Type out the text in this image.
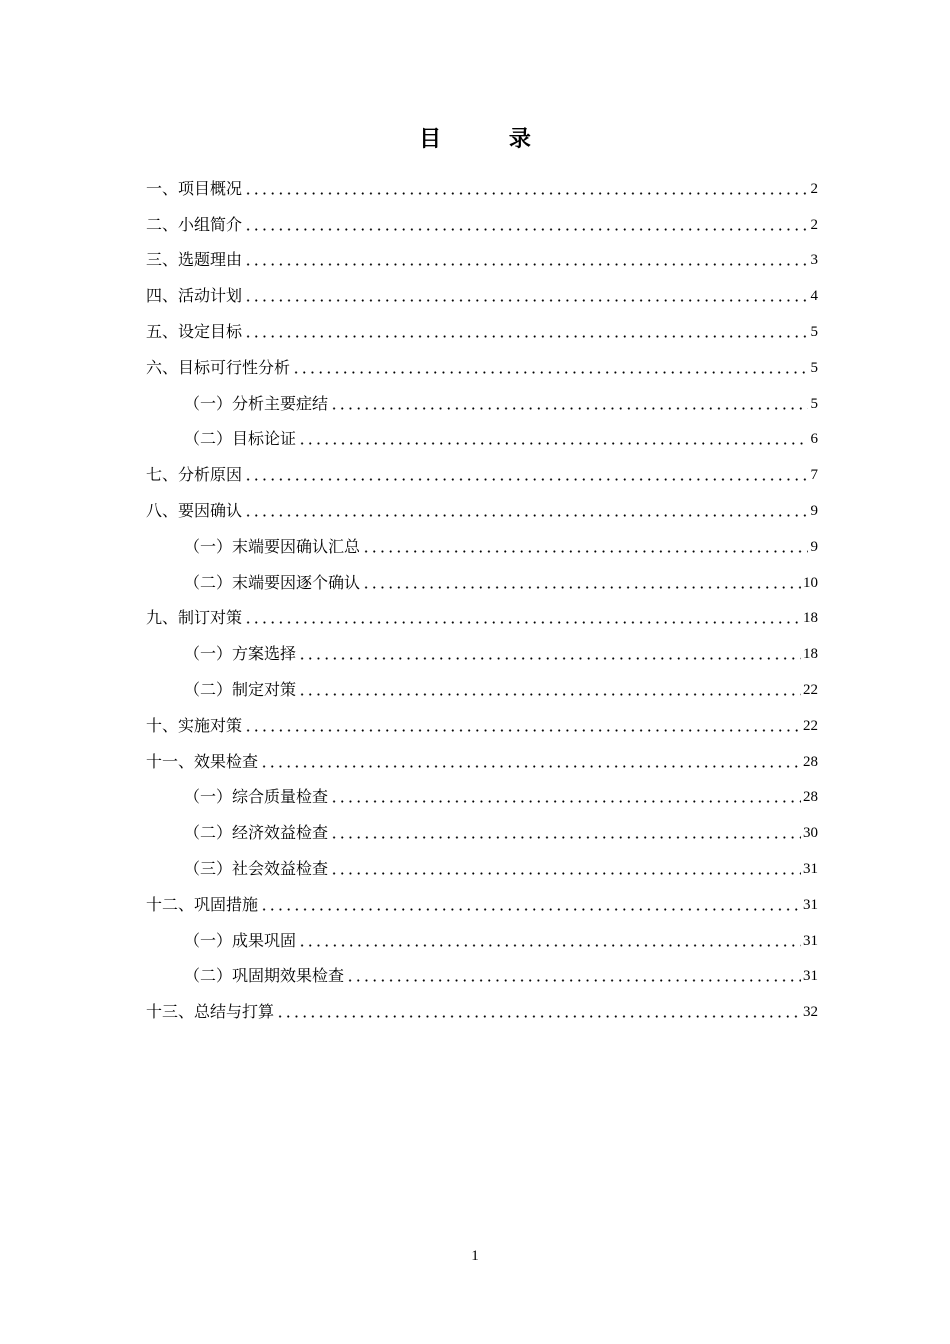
目 录
一、项目概况	2
二、小组简介	2
三、选题理由	3
四、活动计划	4
五、设定目标	5
六、目标可行性分析	5
（一）分析主要症结	5
（二）目标论证	6
七、分析原因	7
八、要因确认	9
（一）末端要因确认汇总	9
（二）末端要因逐个确认	10
九、制订对策	18
（一）方案选择	18
（二）制定对策	22
十、实施对策	22
十一、效果检查	28
（一）综合质量检查	28
（二）经济效益检查	30
（三）社会效益检查	31
十二、巩固措施	31
（一）成果巩固	31
（二）巩固期效果检查	31
十三、总结与打算	32
1
